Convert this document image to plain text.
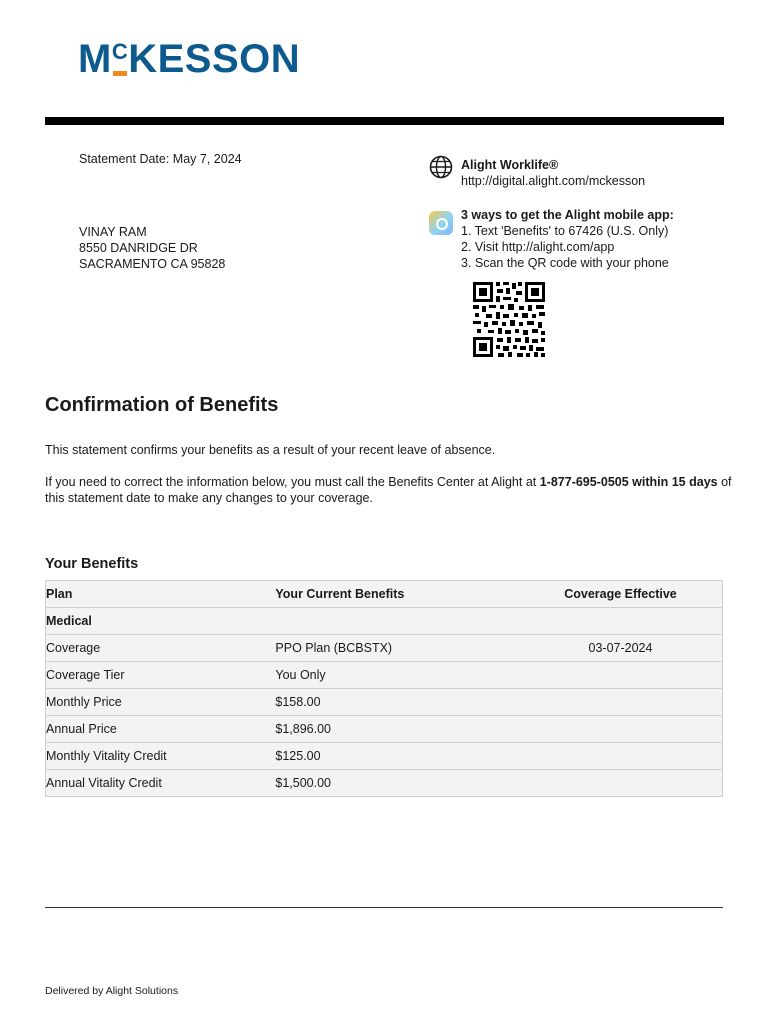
$M^CKESSON$
Statement Date: May 7, 2024
VINAY RAM
8550 DANRIDGE DR
SACRAMENTO CA 95828
Alight Worklife®
http://digital.alight.com/mckesson
3 ways to get the Alight mobile app:
1. Text 'Benefits' to 67426 (U.S. Only)
2. Visit http://alight.com/app
3. Scan the QR code with your phone
Confirmation of Benefits
This statement confirms your benefits as a result of your recent leave of absence.
If you need to correct the information below, you must call the Benefits Center at Alight at 1-877-695-0505 within 15 days of this statement date to make any changes to your coverage.
Your Benefits
Plan	Your Current Benefits	Coverage Effective
Medical		
Coverage	PPO Plan (BCBSTX)	03-07-2024
Coverage Tier	You Only	
Monthly Price	$158.00	
Annual Price	$1,896.00	
Monthly Vitality Credit	$125.00	
Annual Vitality Credit	$1,500.00	
Delivered by Alight Solutions
